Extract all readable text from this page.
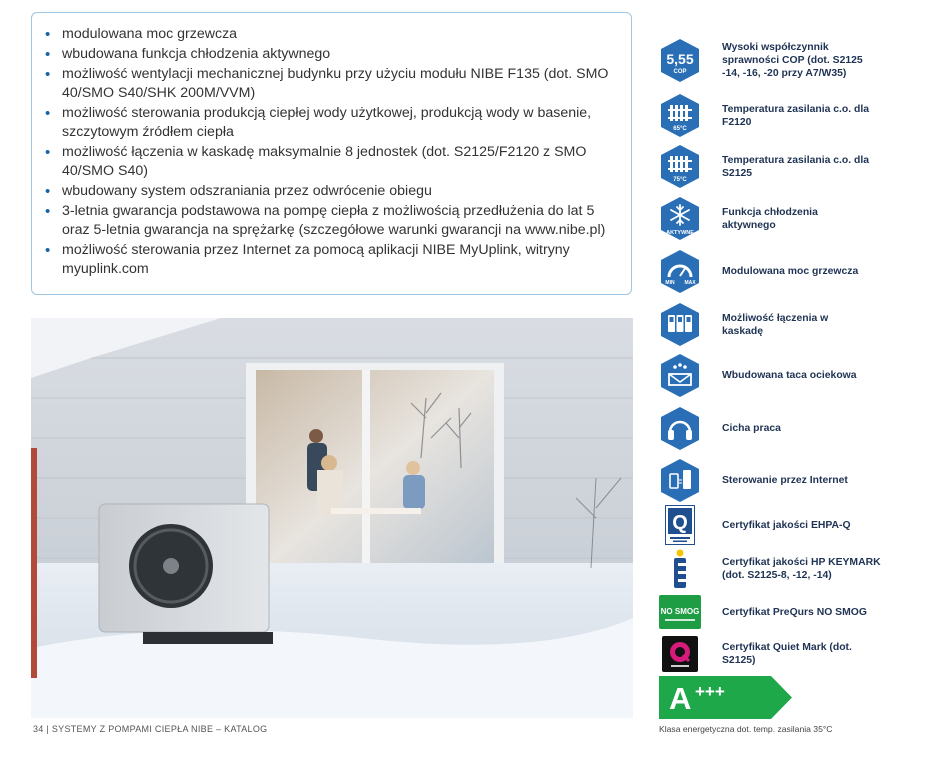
• modulowana moc grzewcza
• wbudowana funkcja chłodzenia aktywnego
• możliwość wentylacji mechanicznej budynku przy użyciu modułu NIBE F135 (dot. SMO 40/SMO S40/SHK 200M/VVM)
• możliwość sterowania produkcją ciepłej wody użytkowej, produkcją wody w basenie, szczytowym źródłem ciepła
• możliwość łączenia w kaskadę maksymalnie 8 jednostek (dot. S2125/F2120 z SMO 40/SMO S40)
• wbudowany system odszraniania przez odwrócenie obiegu
• 3-letnia gwarancja podstawowa na pompę ciepła z możliwością przedłużenia do lat 5 oraz 5-letnia gwarancja na sprężarkę (szczegółowe warunki gwarancji na www.nibe.pl)
• możliwość sterowania przez Internet za pomocą aplikacji NIBE MyUplink, witryny myuplink.com
5,55
COP
Wysoki współczynnik sprawności COP (dot. S2125 -14, -16, -20 przy A7/W35)
65°C
Temperatura zasilania c.o. dla F2120
75°C
Temperatura zasilania c.o. dla S2125
AKTYWNE
Funkcja chłodzenia aktywnego
MIN MAX
Modulowana moc grzewcza
Możliwość łączenia w kaskadę
Wbudowana taca ociekowa
Cicha praca
Sterowanie przez Internet
Q	Certyfikat jakości EHPA-Q
Certyfikat jakości HP KEYMARK (dot. S2125-8, -12, -14)
NO SMOG Certyfikat PreQurs NO SMOG
Certyfikat Quiet Mark (dot. S2125)
A +++
Klasa energetyczna dot. temp. zasilania 35°C
34 | SYSTEMY Z POMPAMI CIEPŁA NIBE – KATALOG
